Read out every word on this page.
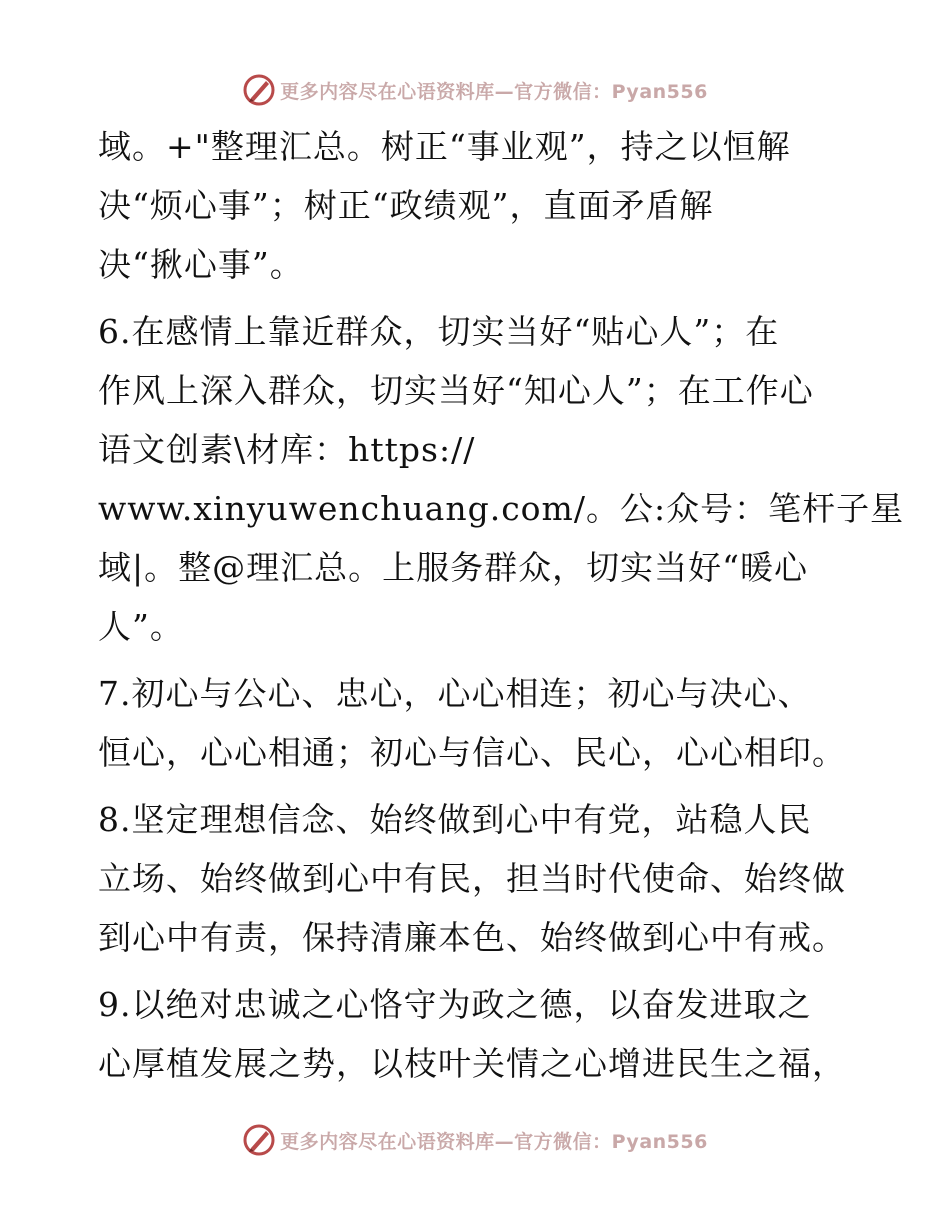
更多内容尽在心语资料库—官方微信：Pyan556
域。+"整理汇总。树正“事业观”，持之以恒解
决“烦心事”；树正“政绩观”，直面矛盾解
决“揪心事”。
6.在感情上靠近群众，切实当好“贴心人”；在
作风上深入群众，切实当好“知心人”；在工作心
语文创素\材库：https://
www.xinyuwenchuang.com/。公:众号：笔杆子星
域|。整@理汇总。上服务群众，切实当好“暖心
人”。
7.初心与公心、忠心，心心相连；初心与决心、
恒心，心心相通；初心与信心、民心，心心相印。
8.坚定理想信念、始终做到心中有党，站稳人民
立场、始终做到心中有民，担当时代使命、始终做
到心中有责，保持清廉本色、始终做到心中有戒。
9.以绝对忠诚之心恪守为政之德，以奋发进取之
心厚植发展之势，以枝叶关情之心增进民生之福，
更多内容尽在心语资料库—官方微信：Pyan556
